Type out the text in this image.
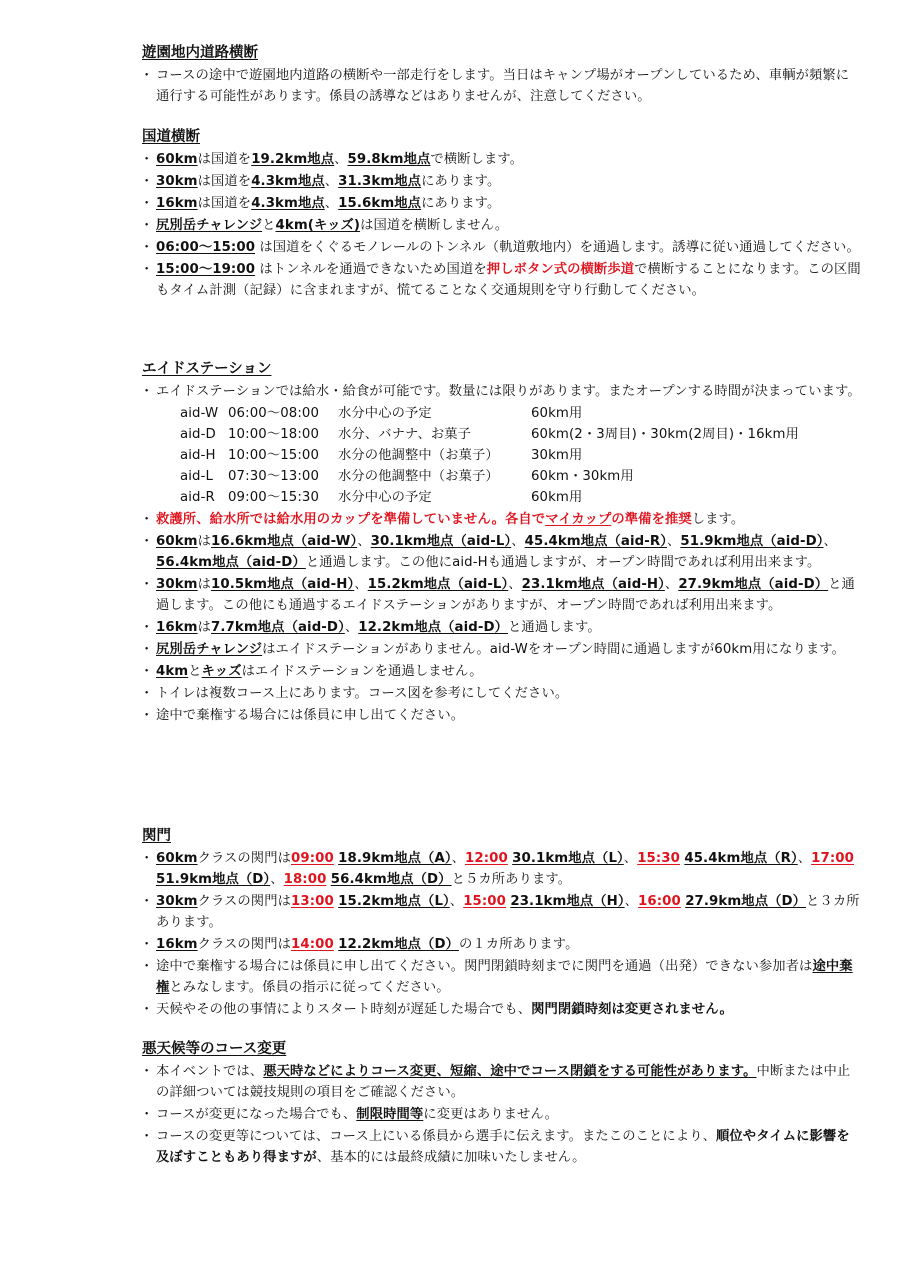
遊園地内道路横断
・ コースの途中で遊園地内道路の横断や一部走行をします。当日はキャンプ場がオープンしているため、車輌が頻繁に通行する可能性があります。係員の誘導などはありませんが、注意してください。
国道横断
・ 60kmは国道を19.2km地点、59.8km地点で横断します。
・ 30kmは国道を4.3km地点、31.3km地点にあります。
・ 16kmは国道を4.3km地点、15.6km地点にあります。
・ 尻別岳チャレンジと4km(キッズ)は国道を横断しません。
・ 06:00～15:00 は国道をくぐるモノレールのトンネル（軌道敷地内）を通過します。誘導に従い通過してください。
・ 15:00～19:00 はトンネルを通過できないため国道を押しボタン式の横断歩道で横断することになります。この区間もタイム計測（記録）に含まれますが、慌てることなく交通規則を守り行動してください。
エイドステーション
・ エイドステーションでは給水・給食が可能です。数量には限りがあります。またオープンする時間が決まっています。
aid-W	06:00～08:00	水分中心の予定	60km用
aid-D	10:00～18:00	水分、バナナ、お菓子	60km(2・3周目)・30km(2周目)・16km用
aid-H	10:00～15:00	水分の他調整中（お菓子）	30km用
aid-L	07:30～13:00	水分の他調整中（お菓子）	60km・30km用
aid-R	09:00～15:30	水分中心の予定	60km用
・ 救護所、給水所では給水用のカップを準備していません。各自でマイカップの準備を推奨します。
・ 60kmは16.6km地点（aid-W）、30.1km地点（aid-L）、45.4km地点（aid-R）、51.9km地点（aid-D）、56.4km地点（aid-D）と通過します。この他にaid-Hも通過しますが、オープン時間であれば利用出来ます。
・ 30kmは10.5km地点（aid-H）、15.2km地点（aid-L）、23.1km地点（aid-H）、27.9km地点（aid-D）と通過します。この他にも通過するエイドステーションがありますが、オープン時間であれば利用出来ます。
・ 16kmは7.7km地点（aid-D）、12.2km地点（aid-D）と通過します。
・ 尻別岳チャレンジはエイドステーションがありません。aid-Wをオープン時間に通過しますが60km用になります。
・ 4kmとキッズはエイドステーションを通過しません。
・ トイレは複数コース上にあります。コース図を参考にしてください。
・ 途中で棄権する場合には係員に申し出てください。
関門
・ 60kmクラスの関門は09:00 18.9km地点（A）、12:00 30.1km地点（L）、15:30 45.4km地点（R）、17:00 51.9km地点（D）、18:00 56.4km地点（D）と５カ所あります。
・ 30kmクラスの関門は13:00 15.2km地点（L）、15:00 23.1km地点（H）、16:00 27.9km地点（D）と３カ所あります。
・ 16kmクラスの関門は14:00 12.2km地点（D）の１カ所あります。
・ 途中で棄権する場合には係員に申し出てください。関門閉鎖時刻までに関門を通過（出発）できない参加者は途中棄権とみなします。係員の指示に従ってください。
・ 天候やその他の事情によりスタート時刻が遅延した場合でも、関門閉鎖時刻は変更されません。
悪天候等のコース変更
・ 本イベントでは、悪天時などによりコース変更、短縮、途中でコース閉鎖をする可能性があります。中断または中止の詳細ついては競技規則の項目をご確認ください。
・ コースが変更になった場合でも、制限時間等に変更はありません。
・ コースの変更等については、コース上にいる係員から選手に伝えます。またこのことにより、順位やタイムに影響を及ぼすこともあり得ますが、基本的には最終成績に加味いたしません。
